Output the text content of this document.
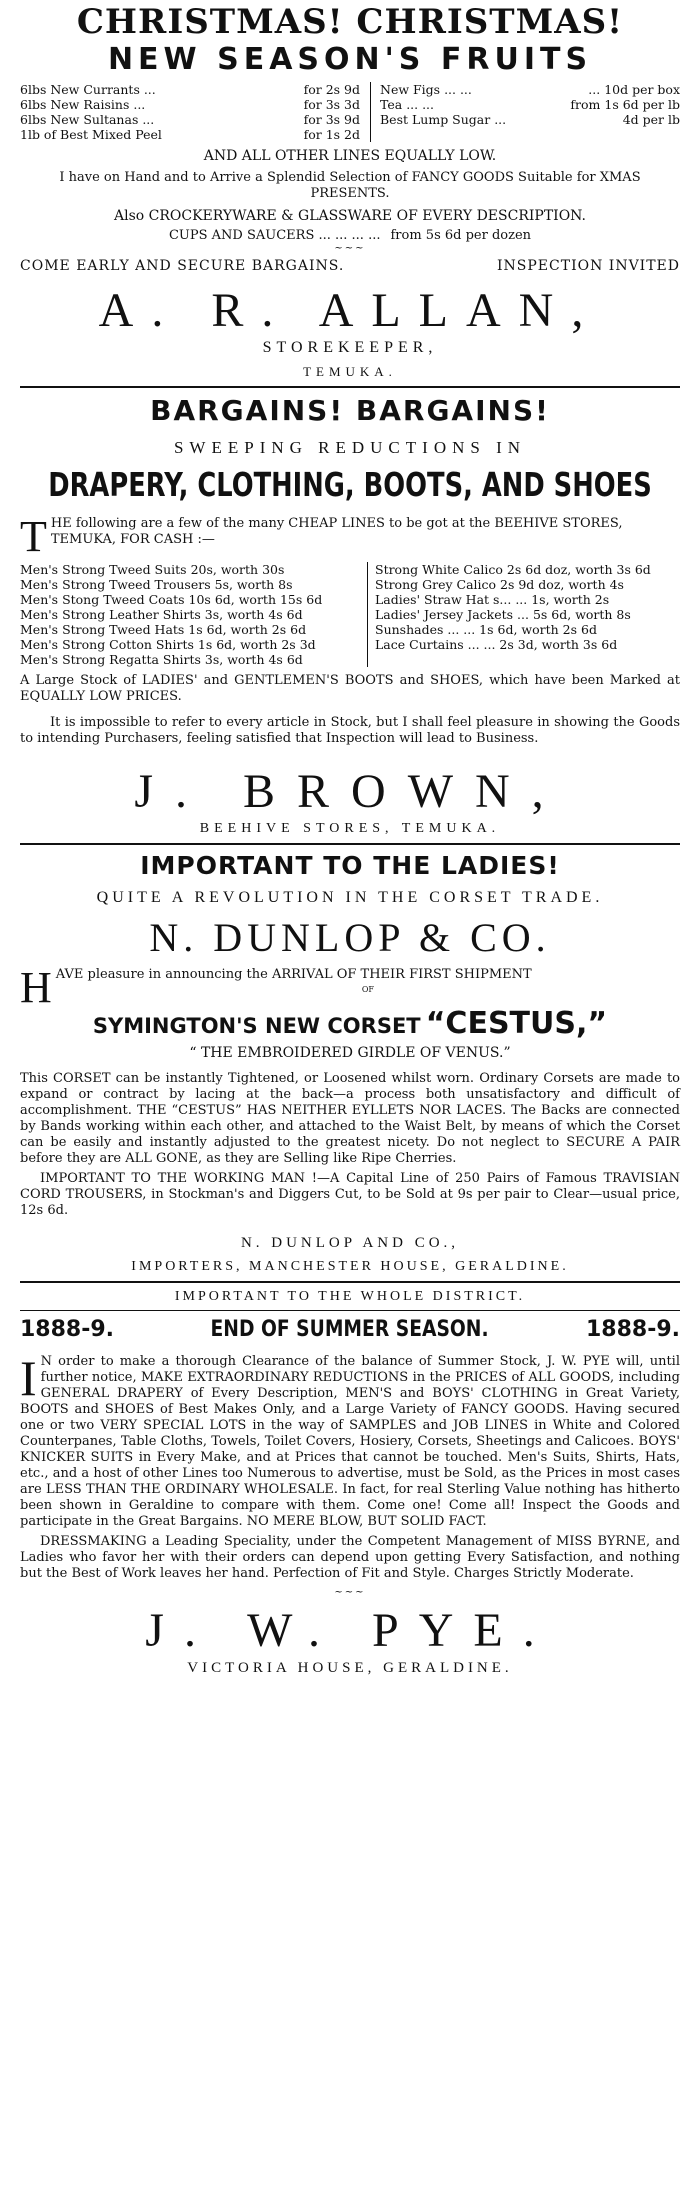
CHRISTMAS! CHRISTMAS!
NEW SEASON'S FRUITS
6lbs New Currants ...	for 2s 9d
6lbs New Raisins ...	for 3s 3d
6lbs New Sultanas ...	for 3s 9d
1lb of Best Mixed Peel	for 1s 2d
New Figs ... ...	... 10d per box
Tea ... ...	from 1s 6d per lb
Best Lump Sugar ...	4d per lb
AND ALL OTHER LINES EQUALLY LOW.
I have on Hand and to Arrive a Splendid Selection of FANCY GOODS Suitable for XMAS PRESENTS.
Also CROCKERYWARE & GLASSWARE OF EVERY DESCRIPTION.
CUPS AND SAUCERS ... ... ... ... from 5s 6d per dozen
~~~
COME EARLY AND SECURE BARGAINS.	INSPECTION INVITED
A. R. ALLAN,
STOREKEEPER,
TEMUKA.
BARGAINS! BARGAINS!
SWEEPING REDUCTIONS IN
DRAPERY, CLOTHING, BOOTS, AND SHOES
T HE following are a few of the many CHEAP LINES to be got at the BEEHIVE STORES, TEMUKA, FOR CASH :—
Men's Strong Tweed Suits 20s, worth 30s
Men's Strong Tweed Trousers 5s, worth 8s
Men's Stong Tweed Coats 10s 6d, worth 15s 6d
Men's Strong Leather Shirts 3s, worth 4s 6d
Men's Strong Tweed Hats 1s 6d, worth 2s 6d
Men's Strong Cotton Shirts 1s 6d, worth 2s 3d
Men's Strong Regatta Shirts 3s, worth 4s 6d
Strong White Calico 2s 6d doz, worth 3s 6d
Strong Grey Calico 2s 9d doz, worth 4s
Ladies' Straw Hat s... ... 1s, worth 2s
Ladies' Jersey Jackets ... 5s 6d, worth 8s
Sunshades ... ... 1s 6d, worth 2s 6d
Lace Curtains ... ... 2s 3d, worth 3s 6d
A Large Stock of LADIES' and GENTLEMEN'S BOOTS and SHOES, which have been Marked at EQUALLY LOW PRICES.
It is impossible to refer to every article in Stock, but I shall feel pleasure in showing the Goods to intending Purchasers, feeling satisfied that Inspection will lead to Business.
J. BROWN,
BEEHIVE STORES, TEMUKA.
IMPORTANT TO THE LADIES!
QUITE A REVOLUTION IN THE CORSET TRADE.
N. DUNLOP & CO.
H AVE pleasure in announcing the ARRIVAL OF THEIR FIRST SHIPMENT
OF
SYMINGTON'S NEW CORSET “CESTUS,”
“ THE EMBROIDERED GIRDLE OF VENUS.”
This CORSET can be instantly Tightened, or Loosened whilst worn. Ordinary Corsets are made to expand or contract by lacing at the back—a process both unsatisfactory and difficult of accomplishment. THE “CESTUS” HAS NEITHER EYLLETS NOR LACES. The Backs are connected by Bands working within each other, and attached to the Waist Belt, by means of which the Corset can be easily and instantly adjusted to the greatest nicety. Do not neglect to SECURE A PAIR before they are ALL GONE, as they are Selling like Ripe Cherries.
IMPORTANT TO THE WORKING MAN !—A Capital Line of 250 Pairs of Famous TRAVISIAN CORD TROUSERS, in Stockman's and Diggers Cut, to be Sold at 9s per pair to Clear—usual price, 12s 6d.
N. DUNLOP AND CO.,
IMPORTERS, MANCHESTER HOUSE, GERALDINE.
IMPORTANT TO THE WHOLE DISTRICT.
1888-9.	END OF SUMMER SEASON.	1888-9.
I N order to make a thorough Clearance of the balance of Summer Stock, J. W. PYE will, until further notice, MAKE EXTRAORDINARY REDUCTIONS in the PRICES of ALL GOODS, including GENERAL DRAPERY of Every Description, MEN'S and BOYS' CLOTHING in Great Variety, BOOTS and SHOES of Best Makes Only, and a Large Variety of FANCY GOODS. Having secured one or two VERY SPECIAL LOTS in the way of SAMPLES and JOB LINES in White and Colored Counterpanes, Table Cloths, Towels, Toilet Covers, Hosiery, Corsets, Sheetings and Calicoes. BOYS' KNICKER SUITS in Every Make, and at Prices that cannot be touched. Men's Suits, Shirts, Hats, etc., and a host of other Lines too Numerous to advertise, must be Sold, as the Prices in most cases are LESS THAN THE ORDINARY WHOLESALE. In fact, for real Sterling Value nothing has hitherto been shown in Geraldine to compare with them. Come one! Come all! Inspect the Goods and participate in the Great Bargains. NO MERE BLOW, BUT SOLID FACT.
DRESSMAKING a Leading Speciality, under the Competent Management of MISS BYRNE, and Ladies who favor her with their orders can depend upon getting Every Satisfaction, and nothing but the Best of Work leaves her hand. Perfection of Fit and Style. Charges Strictly Moderate.
~~~
J. W. PYE.
VICTORIA HOUSE, GERALDINE.
